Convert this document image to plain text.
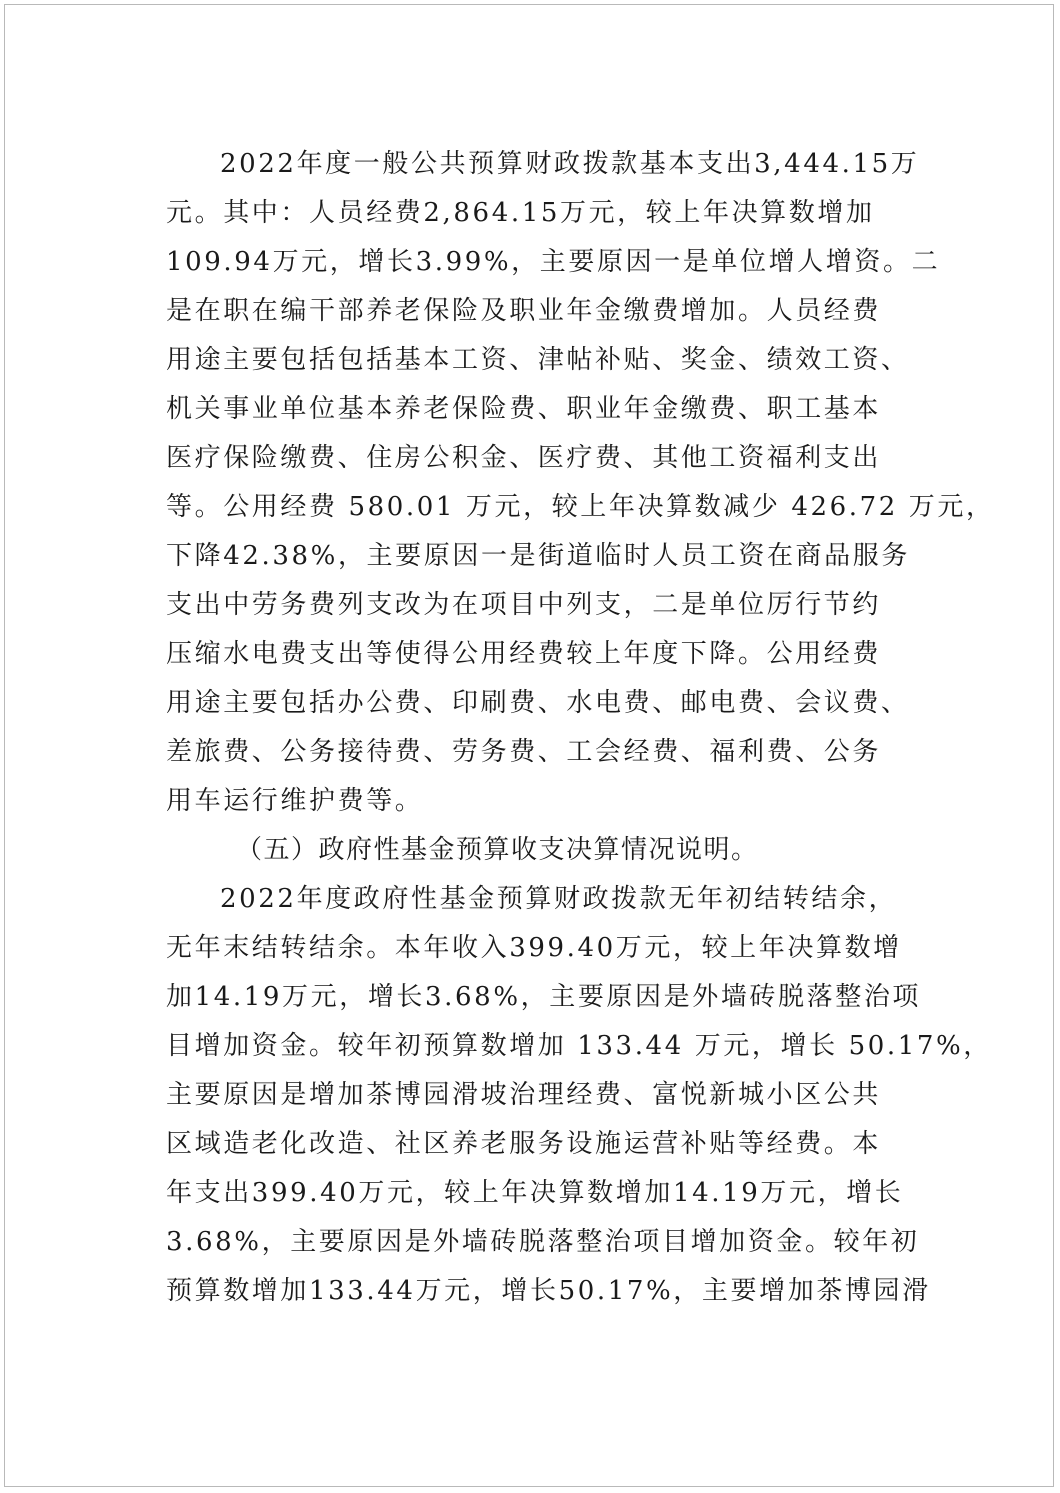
2022年度一般公共预算财政拨款基本支出3,444.15万
元。其中：人员经费2,864.15万元，较上年决算数增加
109.94万元，增长3.99%，主要原因一是单位增人增资。二
是在职在编干部养老保险及职业年金缴费增加。人员经费
用途主要包括包括基本工资、津帖补贴、奖金、绩效工资、
机关事业单位基本养老保险费、职业年金缴费、职工基本
医疗保险缴费、住房公积金、医疗费、其他工资福利支出
等。公用经费 580.01 万元，较上年决算数减少 426.72 万元，
下降42.38%，主要原因一是街道临时人员工资在商品服务
支出中劳务费列支改为在项目中列支，二是单位厉行节约
压缩水电费支出等使得公用经费较上年度下降。公用经费
用途主要包括办公费、印刷费、水电费、邮电费、会议费、
差旅费、公务接待费、劳务费、工会经费、福利费、公务
用车运行维护费等。
（五）政府性基金预算收支决算情况说明。
2022年度政府性基金预算财政拨款无年初结转结余，
无年末结转结余。本年收入399.40万元，较上年决算数增
加14.19万元，增长3.68%，主要原因是外墙砖脱落整治项
目增加资金。较年初预算数增加 133.44 万元，增长 50.17%，
主要原因是增加茶博园滑坡治理经费、富悦新城小区公共
区域造老化改造、社区养老服务设施运营补贴等经费。本
年支出399.40万元，较上年决算数增加14.19万元，增长
3.68%，主要原因是外墙砖脱落整治项目增加资金。较年初
预算数增加133.44万元，增长50.17%，主要增加茶博园滑
